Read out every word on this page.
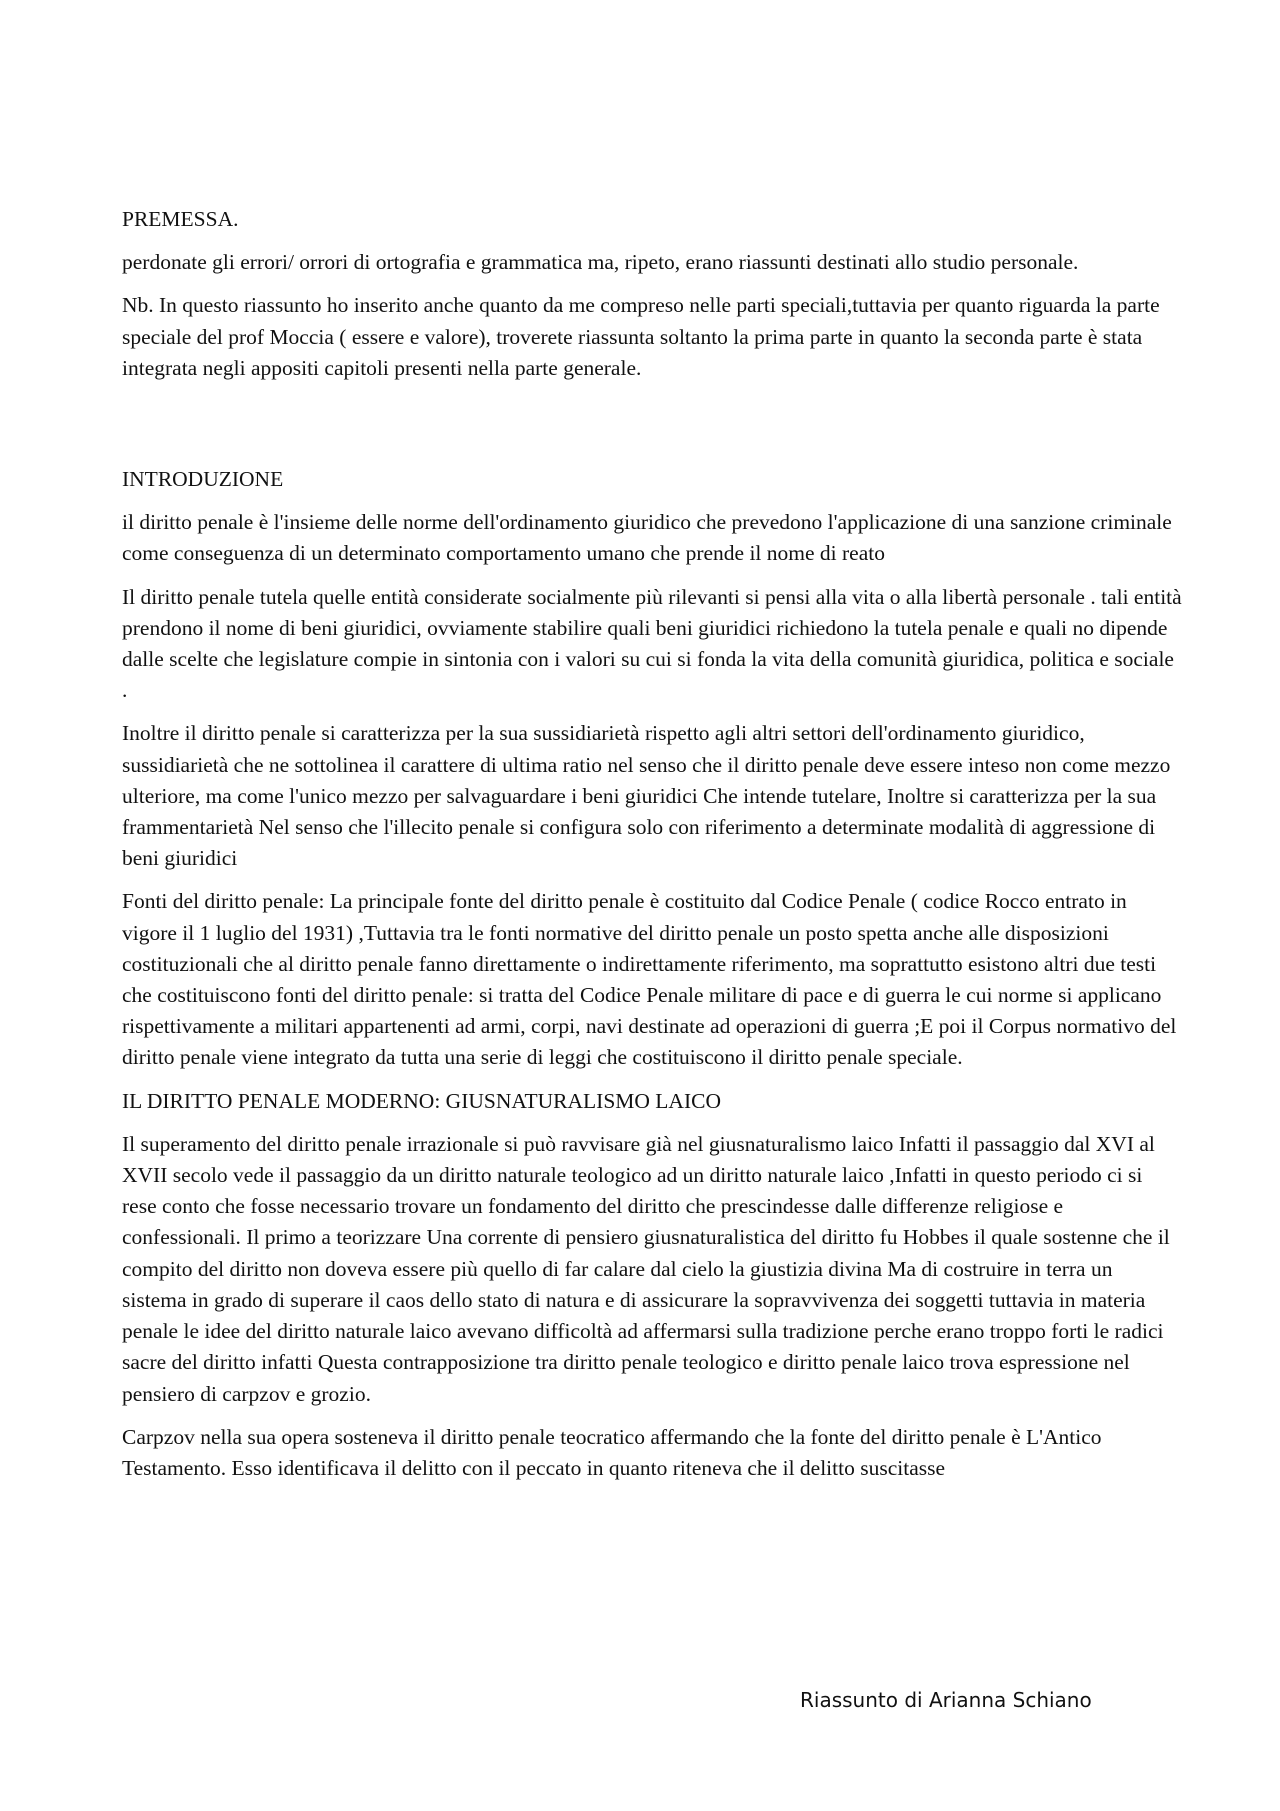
PREMESSA.

perdonate gli errori/ orrori di ortografia e grammatica ma, ripeto, erano riassunti destinati allo studio personale.

Nb. In questo riassunto ho inserito anche quanto da me compreso nelle parti speciali,tuttavia per quanto riguarda la parte speciale del prof Moccia ( essere e valore), troverete riassunta soltanto la prima parte in quanto la seconda parte è stata integrata negli appositi capitoli presenti nella parte generale.

INTRODUZIONE

il diritto penale è l'insieme delle norme dell'ordinamento giuridico che prevedono l'applicazione di una sanzione criminale come conseguenza di un determinato comportamento umano che prende il nome di reato

Il diritto penale tutela quelle entità considerate socialmente più rilevanti si pensi alla vita o alla libertà personale . tali entità prendono il nome di beni giuridici, ovviamente stabilire quali beni giuridici richiedono la tutela penale e quali no dipende dalle scelte che legislature compie in sintonia con i valori su cui si fonda la vita della comunità giuridica, politica e sociale .

Inoltre il diritto penale si caratterizza per la sua sussidiarietà rispetto agli altri settori dell'ordinamento giuridico, sussidiarietà che ne sottolinea il carattere di ultima ratio nel senso che il diritto penale deve essere inteso non come mezzo ulteriore, ma come l'unico mezzo per salvaguardare i beni giuridici Che intende tutelare, Inoltre si caratterizza per la sua frammentarietà Nel senso che l'illecito penale si configura solo con riferimento a determinate modalità di aggressione di beni giuridici

Fonti del diritto penale: La principale fonte del diritto penale è costituito dal Codice Penale ( codice Rocco entrato in vigore il 1 luglio del 1931) ,Tuttavia tra le fonti normative del diritto penale un posto spetta anche alle disposizioni costituzionali che al diritto penale fanno direttamente o indirettamente riferimento, ma soprattutto esistono altri due testi che costituiscono fonti del diritto penale: si tratta del Codice Penale militare di pace e di guerra le cui norme si applicano rispettivamente a militari appartenenti ad armi, corpi, navi destinate ad operazioni di guerra ;E poi il Corpus normativo del diritto penale viene integrato da tutta una serie di leggi che costituiscono il diritto penale speciale.

IL DIRITTO PENALE MODERNO: GIUSNATURALISMO LAICO

Il superamento del diritto penale irrazionale si può ravvisare già nel giusnaturalismo laico Infatti il passaggio dal XVI al XVII secolo vede il passaggio da un diritto naturale teologico ad un diritto naturale laico ,Infatti in questo periodo ci si rese conto che fosse necessario trovare un fondamento del diritto che prescindesse dalle differenze religiose e confessionali. Il primo a teorizzare Una corrente di pensiero giusnaturalistica del diritto fu Hobbes il quale sostenne che il compito del diritto non doveva essere più quello di far calare dal cielo la giustizia divina Ma di costruire in terra un sistema in grado di superare il caos dello stato di natura e di assicurare la sopravvivenza dei soggetti tuttavia in materia penale le idee del diritto naturale laico avevano difficoltà ad affermarsi sulla tradizione perche erano troppo forti le radici sacre del diritto infatti Questa contrapposizione tra diritto penale teologico e diritto penale laico trova espressione nel pensiero di carpzov e grozio.

Carpzov nella sua opera sosteneva il diritto penale teocratico affermando che la fonte del diritto penale è L'Antico Testamento. Esso identificava il delitto con il peccato in quanto riteneva che il delitto suscitasse

Riassunto di Arianna Schiano
